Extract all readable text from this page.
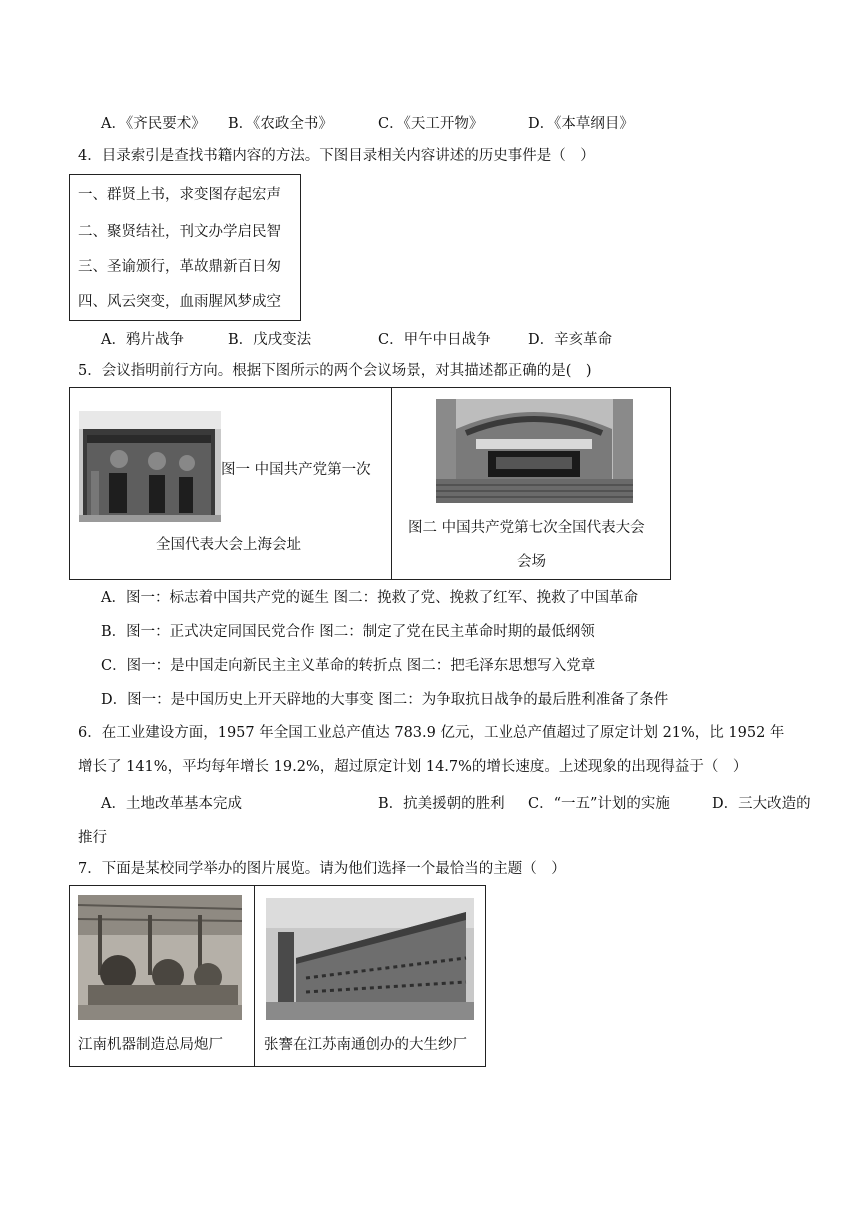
A．《齐民要术》 B．《农政全书》	C．《天工开物》	D．《本草纲目》
4．目录索引是查找书籍内容的方法。下图目录相关内容讲述的历史事件是（　）
一、群贤上书，求变图存起宏声
二、聚贤结社，刊文办学启民智
三、圣谕颁行，革故鼎新百日匆
四、风云突变，血雨腥风梦成空
A．鸦片战争	B．戊戌变法	C．甲午中日战争	D．辛亥革命
5．会议指明前行方向。根据下图所示的两个会议场景，对其描述都正确的是(　)
图一 中国共产党第一次
全国代表大会上海会址
图二 中国共产党第七次全国代表大会
会场
A．图一：标志着中国共产党的诞生 图二：挽救了党、挽救了红军、挽救了中国革命
B．图一：正式决定同国民党合作 图二：制定了党在民主革命时期的最低纲领
C．图一：是中国走向新民主主义革命的转折点 图二：把毛泽东思想写入党章
D．图一：是中国历史上开天辟地的大事变 图二：为争取抗日战争的最后胜利准备了条件
6．在工业建设方面，1957 年全国工业总产值达 783.9 亿元，工业总产值超过了原定计划 21%，比 1952 年
增长了 141%，平均每年增长 19.2%，超过原定计划 14.7%的增长速度。上述现象的出现得益于（　）
A．土地改革基本完成	B．抗美援朝的胜利 C．“一五”计划的实施	D．三大改造的
推行
7．下面是某校同学举办的图片展览。请为他们选择一个最恰当的主题（　）
江南机器制造总局炮厂	张謇在江苏南通创办的大生纱厂
